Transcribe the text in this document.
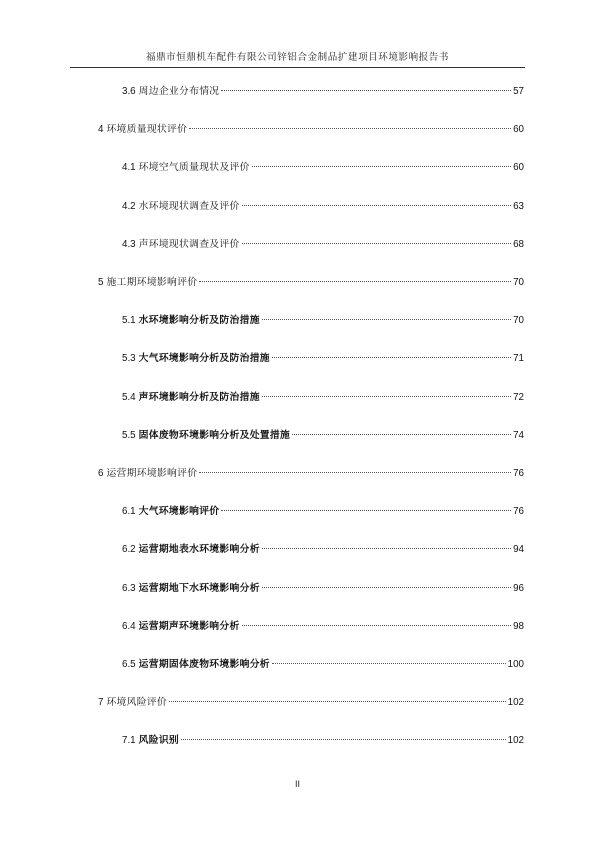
福鼎市恒鼎机车配件有限公司锌铝合金制品扩建项目环境影响报告书
3.6 周边企业分布情况	57
4 环境质量现状评价	60
4.1 环境空气质量现状及评价	60
4.2 水环境现状调查及评价	63
4.3 声环境现状调查及评价	68
5 施工期环境影响评价	70
5.1 水环境影响分析及防治措施	70
5.3 大气环境影响分析及防治措施	71
5.4 声环境影响分析及防治措施	72
5.5 固体废物环境影响分析及处置措施	74
6 运营期环境影响评价	76
6.1 大气环境影响评价	76
6.2 运营期地表水环境影响分析	94
6.3 运营期地下水环境影响分析	96
6.4 运营期声环境影响分析	98
6.5 运营期固体废物环境影响分析	100
7 环境风险评价	102
7.1 风险识别	102
II
